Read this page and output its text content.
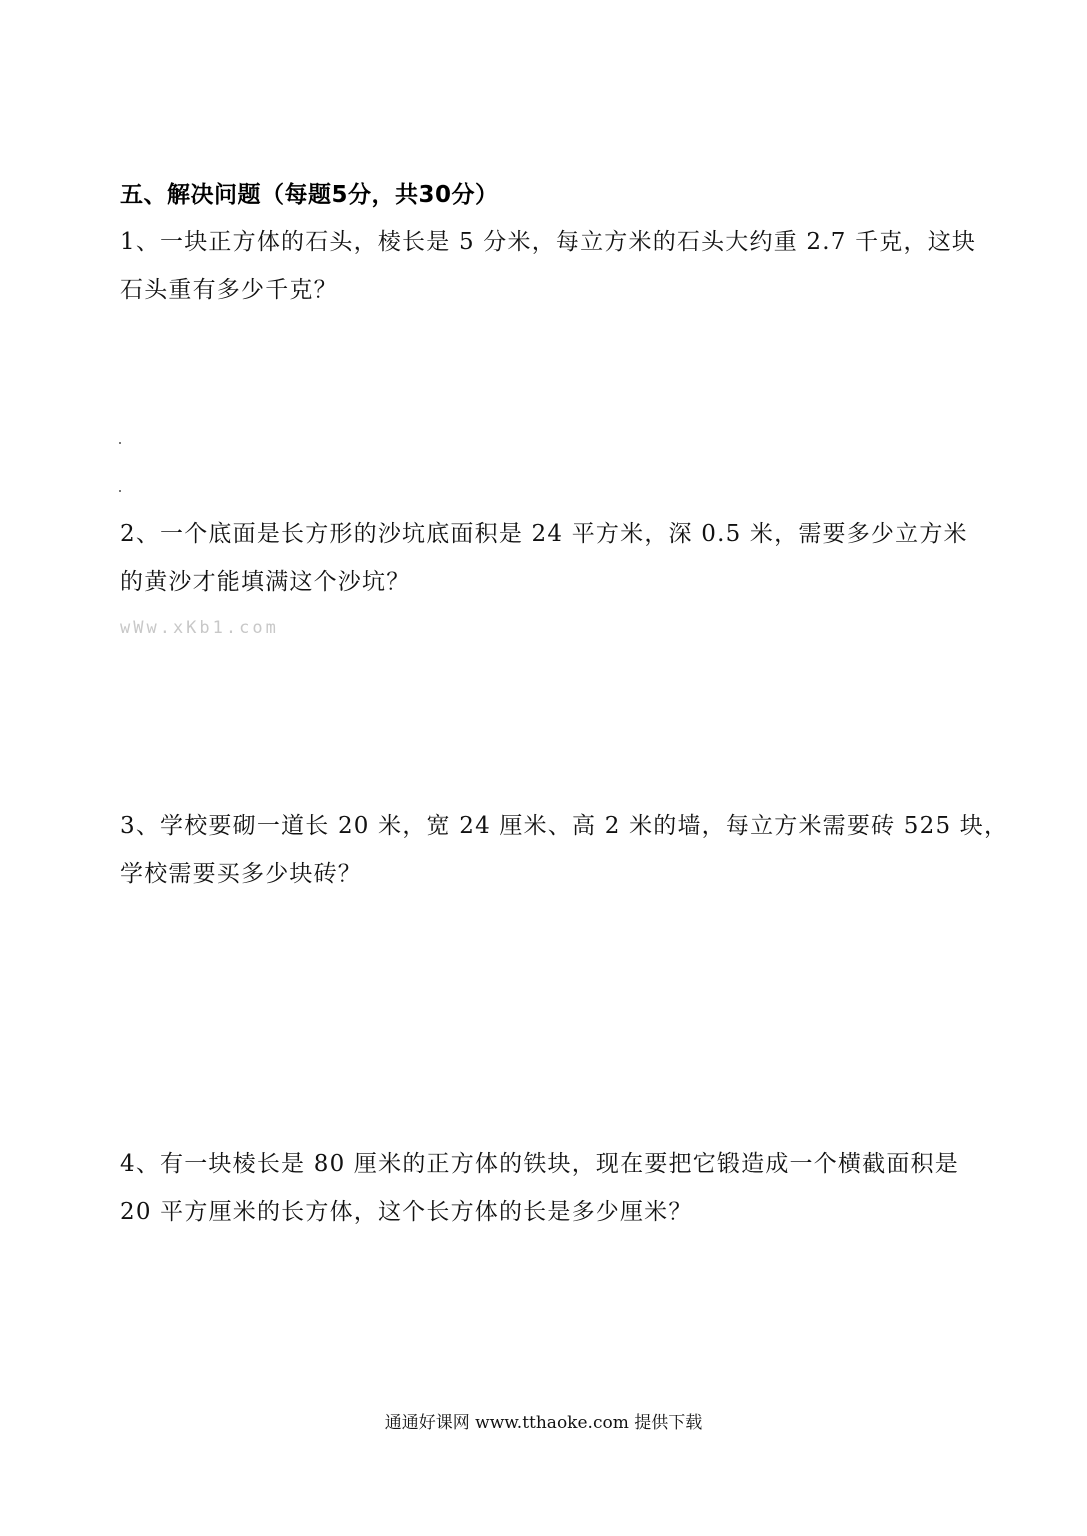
五、解决问题（每题5分，共30分）
1、一块正方体的石头，棱长是 5 分米，每立方米的石头大约重 2.7 千克，这块
石头重有多少千克？
2、一个底面是长方形的沙坑底面积是 24 平方米，深 0.5 米，需要多少立方米
的黄沙才能填满这个沙坑？
wWw.xKb1.com
3、学校要砌一道长 20 米，宽 24 厘米、高 2 米的墙，每立方米需要砖 525 块，
学校需要买多少块砖？
4、有一块棱长是 80 厘米的正方体的铁块，现在要把它锻造成一个横截面积是
20 平方厘米的长方体，这个长方体的长是多少厘米？
通通好课网 www.tthaoke.com 提供下载
